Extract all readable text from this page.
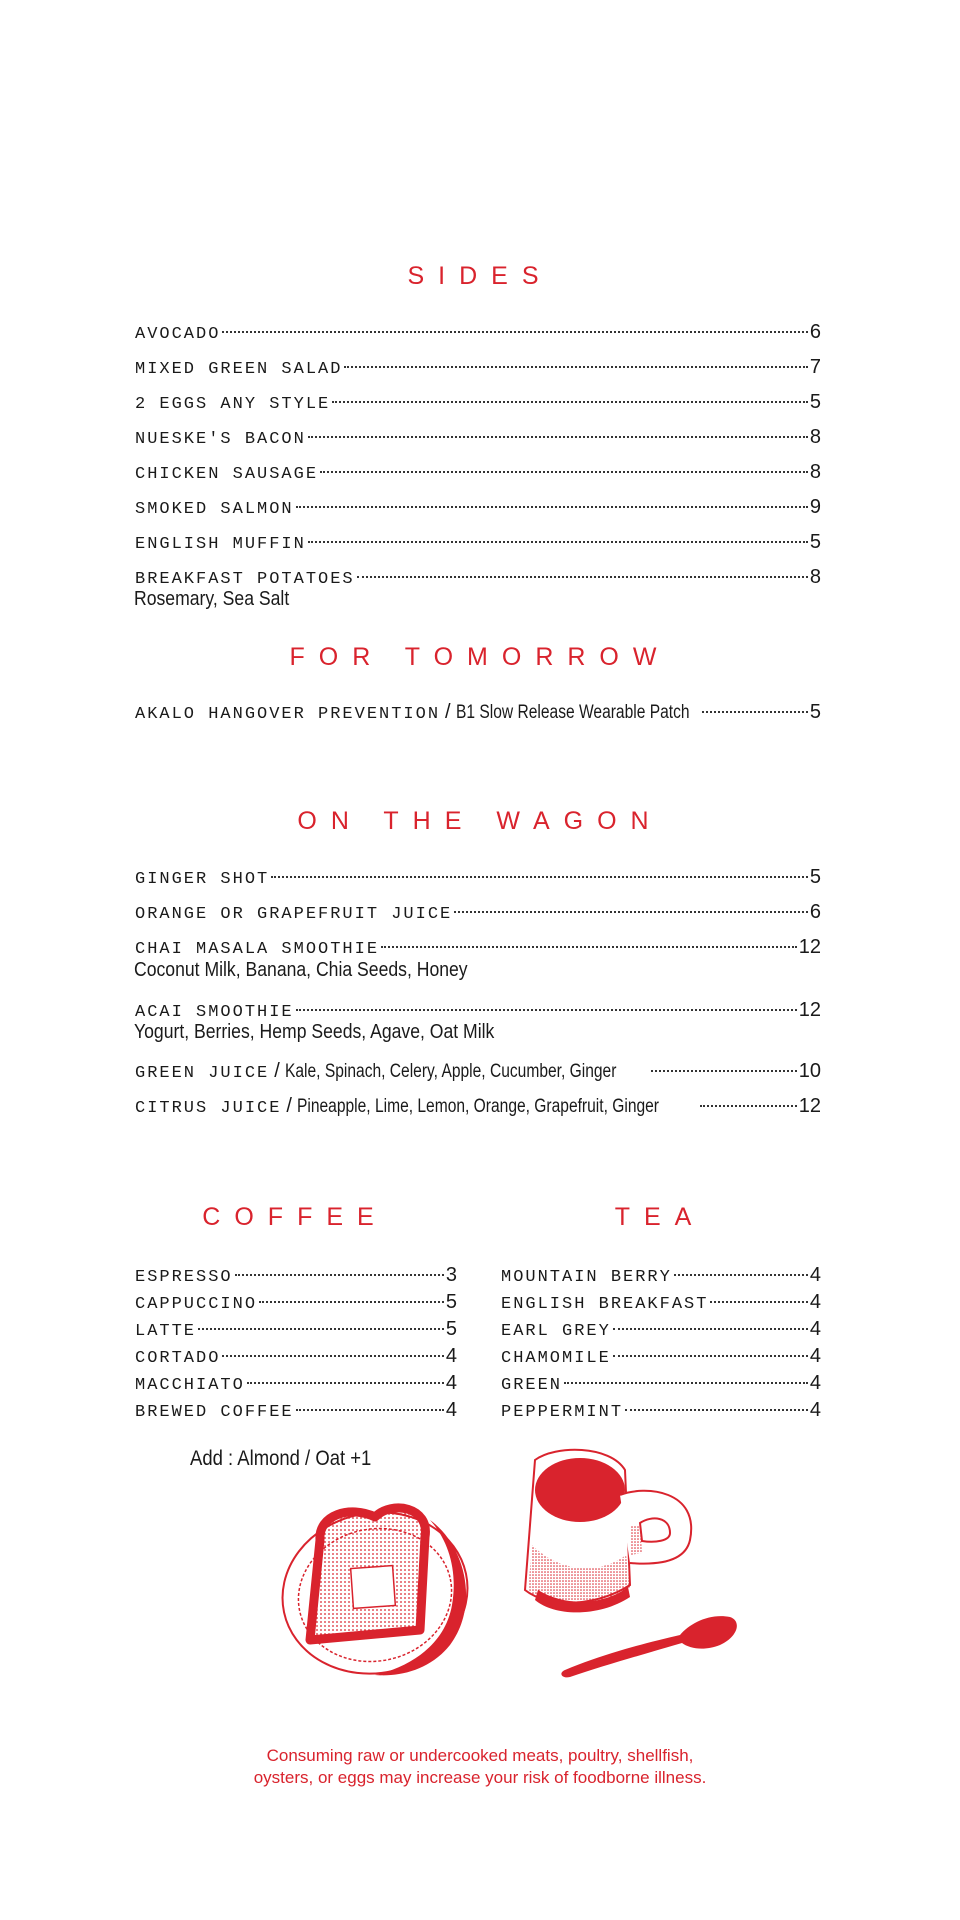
SIDES
AVOCADO	6
MIXED GREEN SALAD	7
2 EGGS ANY STYLE	5
NUESKE'S BACON	8
CHICKEN SAUSAGE	8
SMOKED SALMON	9
ENGLISH MUFFIN	5
BREAKFAST POTATOES	8
Rosemary, Sea Salt
FOR TOMORROW
AKALO HANGOVER PREVENTION / B1 Slow Release Wearable Patch	5
ON THE WAGON
GINGER SHOT	5
ORANGE OR GRAPEFRUIT JUICE	6
CHAI MASALA SMOOTHIE	12
Coconut Milk, Banana, Chia Seeds, Honey
ACAI SMOOTHIE	12
Yogurt, Berries, Hemp Seeds, Agave, Oat Milk
GREEN JUICE / Kale, Spinach, Celery, Apple, Cucumber, Ginger	10
CITRUS JUICE / Pineapple, Lime, Lemon, Orange, Grapefruit, Ginger	12
COFFEE	TEA
ESPRESSO	3
CAPPUCCINO	5
LATTE	5
CORTADO	4
MACCHIATO	4
BREWED COFFEE	4
MOUNTAIN BERRY	4
ENGLISH BREAKFAST	4
EARL GREY	4
CHAMOMILE	4
GREEN	4
PEPPERMINT	4
Add : Almond / Oat +1
Consuming raw or undercooked meats, poultry, shellfish,
oysters, or eggs may increase your risk of foodborne illness.
